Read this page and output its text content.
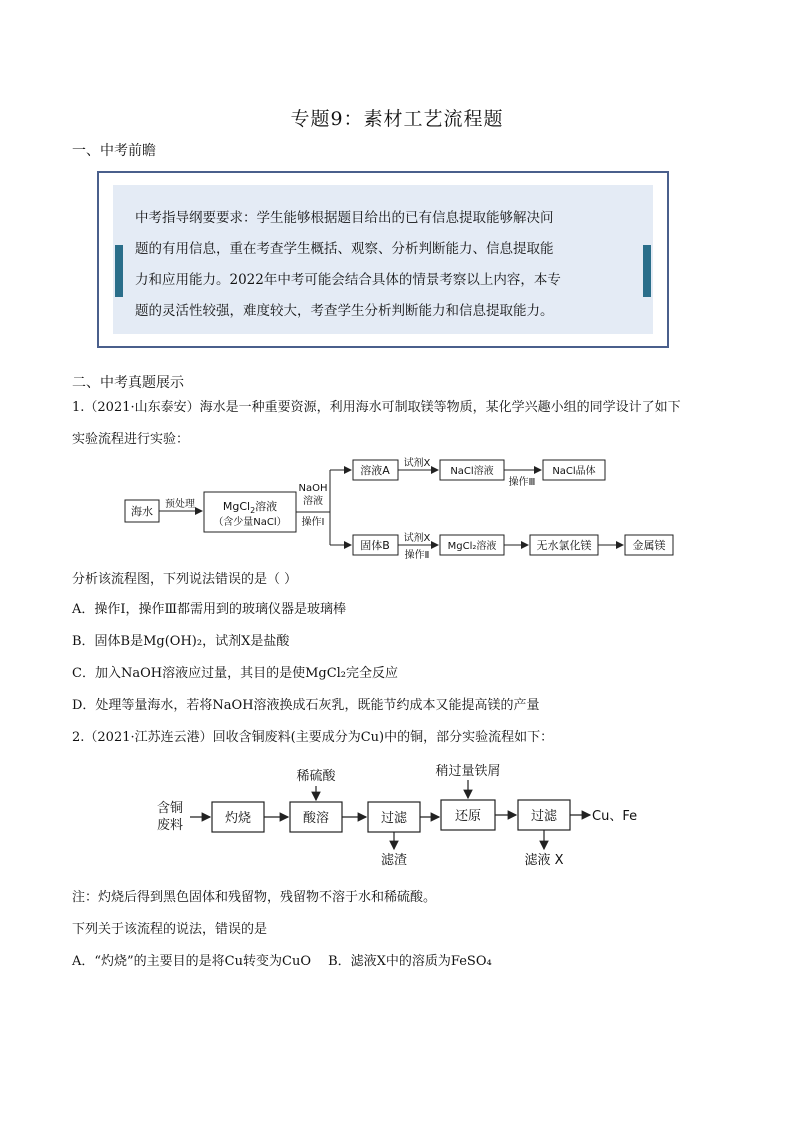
专题9：素材工艺流程题
一、中考前瞻
中考指导纲要要求：学生能够根据题目给出的已有信息提取能够解决问
题的有用信息，重在考查学生概括、观察、分析判断能力、信息提取能
力和应用能力。2022年中考可能会结合具体的情景考察以上内容，本专
题的灵活性较强，难度较大，考查学生分析判断能力和信息提取能力。
二、中考真题展示
1.（2021·山东泰安）海水是一种重要资源，利用海水可制取镁等物质，某化学兴趣小组的同学设计了如下
实验流程进行实验：
海水
预处理	MgCl$_2$溶液
（含少量NaCl）
NaOH
溶液
操作Ⅰ
溶液A
试剂X
NaCl溶液
操作Ⅲ
NaCl晶体
固体B
试剂X
操作Ⅱ
MgCl₂溶液	无水氯化镁	金属镁
分析该流程图，下列说法错误的是（ ）
A．操作Ⅰ，操作Ⅲ都需用到的玻璃仪器是玻璃棒
B．固体B是Mg(OH)₂，试剂X是盐酸
C．加入NaOH溶液应过量，其目的是使MgCl₂完全反应
D．处理等量海水，若将NaOH溶液换成石灰乳，既能节约成本又能提高镁的产量
2.（2021·江苏连云港）回收含铜废料(主要成分为Cu)中的铜，部分实验流程如下：
含铜
废料	灼烧
稀硫酸
酸溶	过滤
滤渣
稍过量铁屑
还原	过滤	Cu、Fe
滤液 X
注：灼烧后得到黑色固体和残留物，残留物不溶于水和稀硫酸。
下列关于该流程的说法，错误的是
A．“灼烧”的主要目的是将Cu转变为CuO　 B．滤液X中的溶质为FeSO₄
